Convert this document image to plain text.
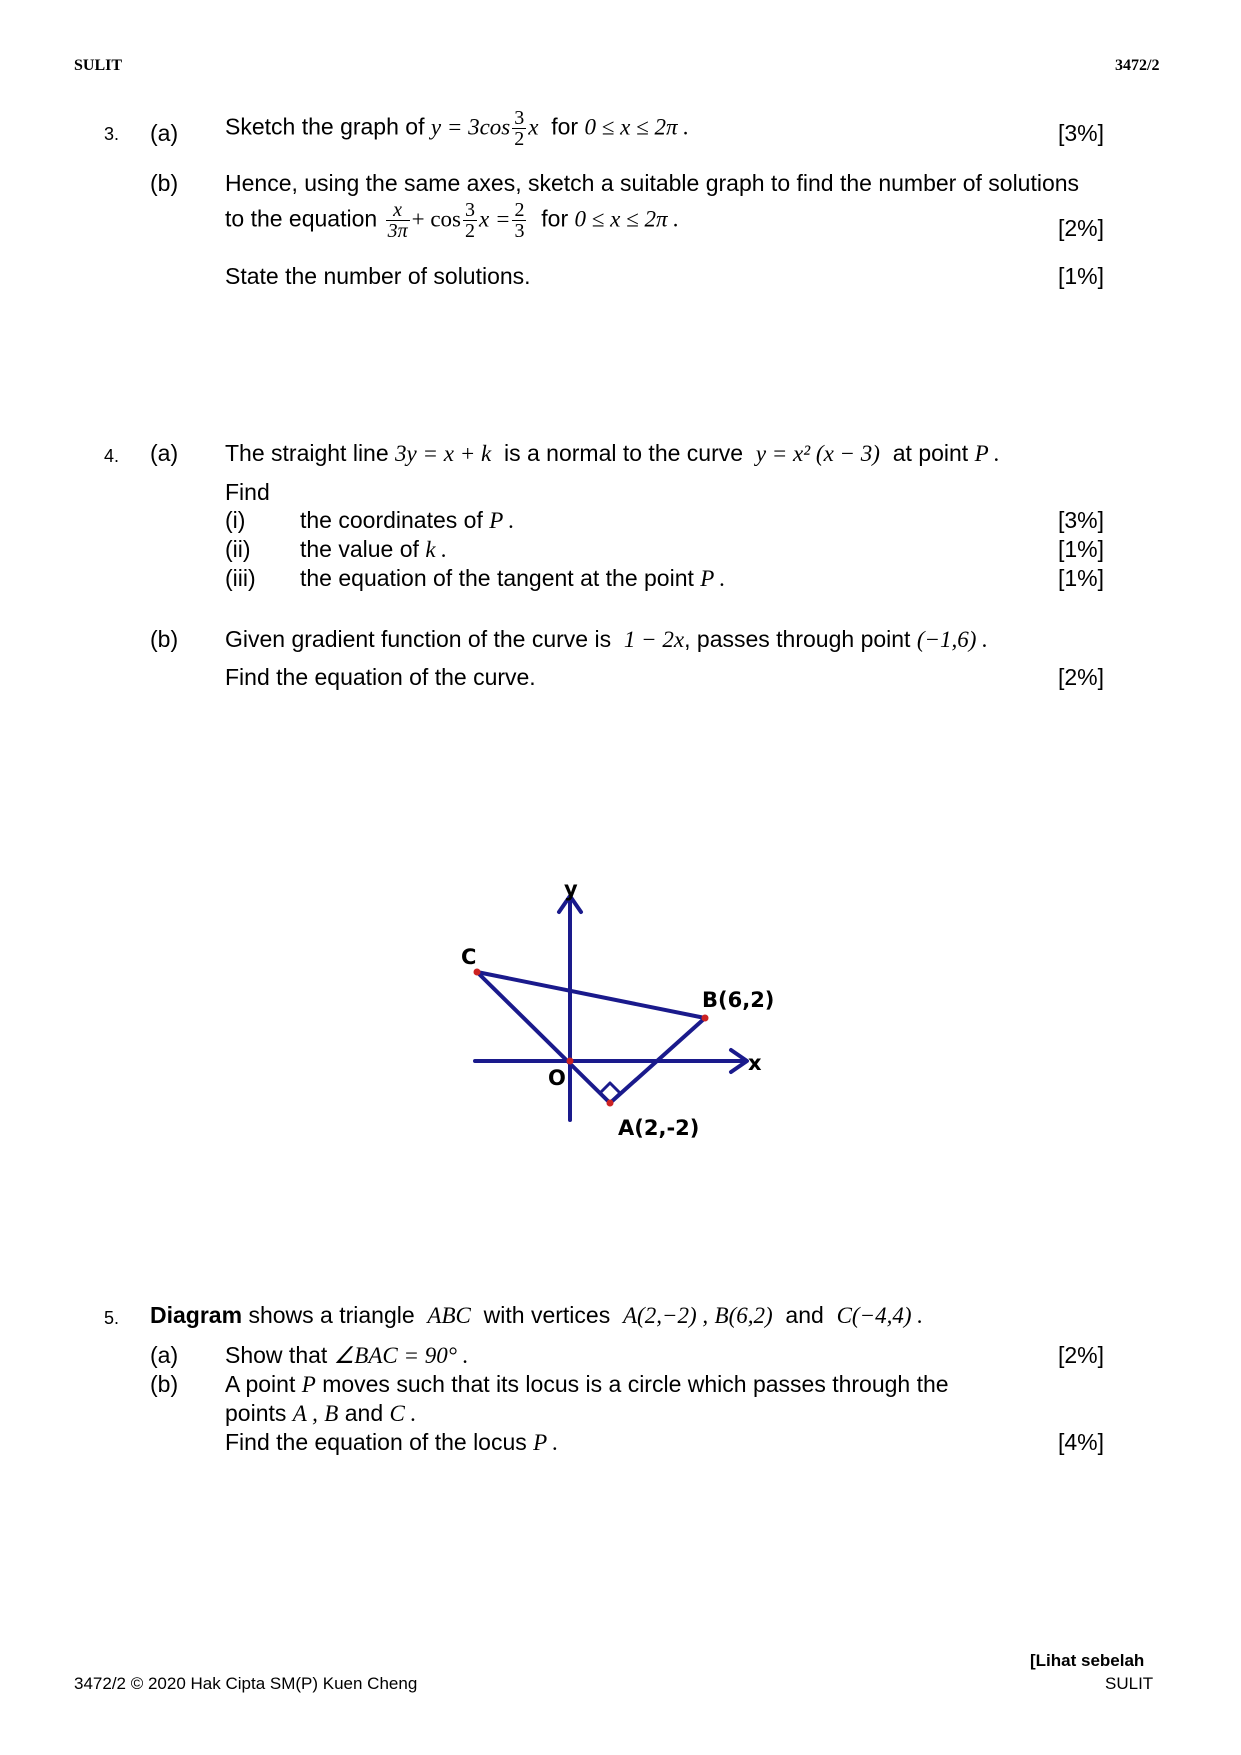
SULIT	3472/2
3. (a) Sketch the graph of $y = 3\cos \frac{3}{2}$ x for 0 ≤ x ≤ 2π .	[3%]
(b) Hence, using the same axes, sketch a suitable graph to find the number of solutions
to the equation $\frac{x}{3\pi} + \cos \frac{3}{2}$ $x = \frac{2}{3}$ for 0 ≤ x ≤ 2π .	[2%]
State the number of solutions.	[1%]
4. (a) The straight line 3y = x + k is a normal to the curve y = x² (x − 3) at point P .
Find
(i) the coordinates of P .	[3%]
(ii) the value of k .	[1%]
(iii) the equation of the tangent at the point P .	[1%]
(b) Given gradient function of the curve is 1 − 2x, passes through point (−1,6) .
Find the equation of the curve.	[2%]
y
x
O
C
B(6,2)
A(2,-2)
5. Diagram shows a triangle ABC with vertices A(2,−2) , B(6,2) and C(−4,4) .
(a) Show that ∠BAC = 90° .	[2%]
(b) A point P moves such that its locus is a circle which passes through the
points A , B and C .
Find the equation of the locus P .	[4%]
3472/2 © 2020 Hak Cipta SM(P) Kuen Cheng
[Lihat sebelah
SULIT
